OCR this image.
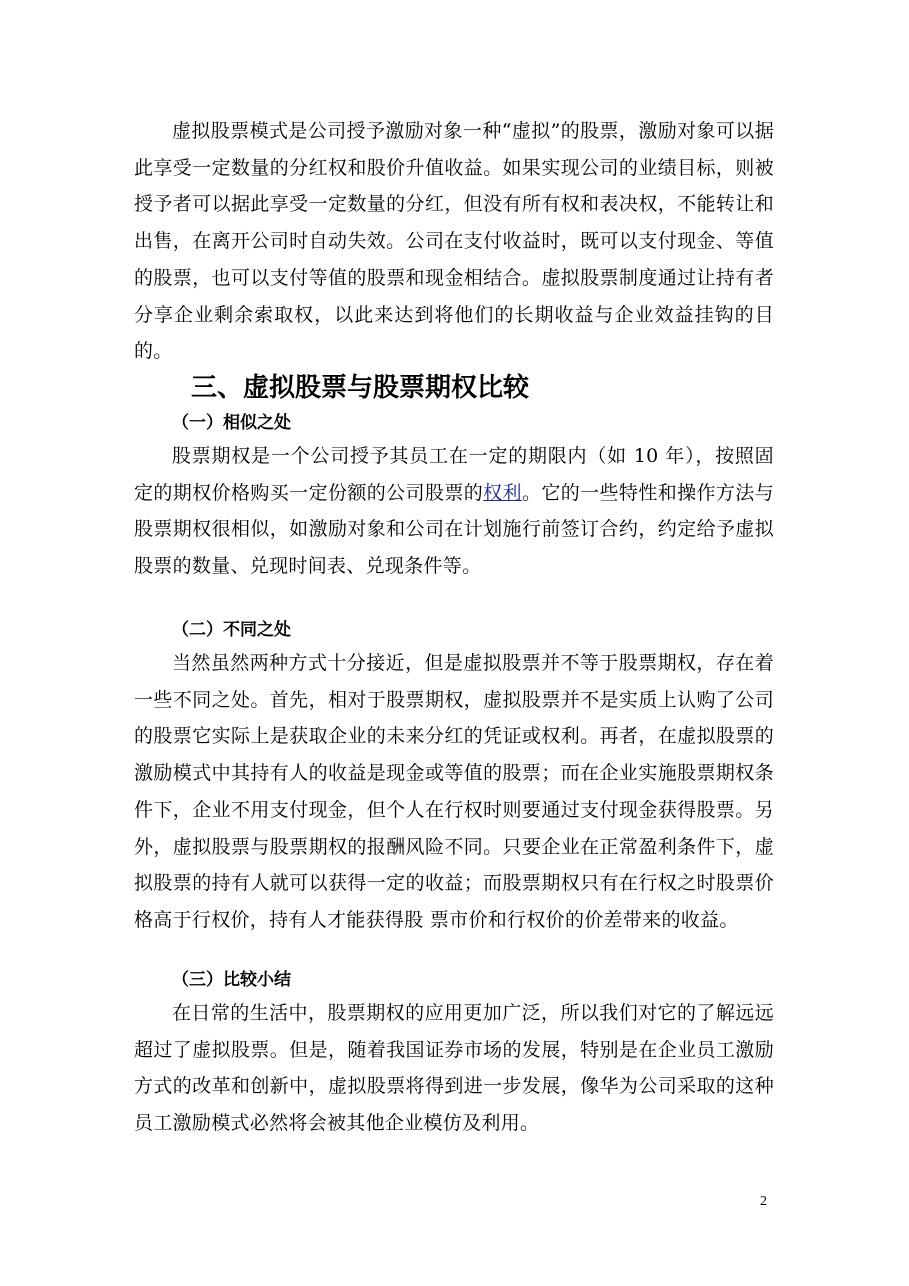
虚拟股票模式是公司授予激励对象一种“虚拟”的股票，激励对象可以据此享受一定数量的分红权和股价升值收益。如果实现公司的业绩目标，则被授予者可以据此享受一定数量的分红，但没有所有权和表决权，不能转让和出售，在离开公司时自动失效。公司在支付收益时，既可以支付现金、等值的股票，也可以支付等值的股票和现金相结合。虚拟股票制度通过让持有者分享企业剩余索取权，以此来达到将他们的长期收益与企业效益挂钩的目的。

三、虚拟股票与股票期权比较
（一）相似之处

股票期权是一个公司授予其员工在一定的期限内（如 10 年），按照固定的期权价格购买一定份额的公司股票的权利。它的一些特性和操作方法与股票期权很相似，如激励对象和公司在计划施行前签订合约，约定给予虚拟股票的数量、兑现时间表、兑现条件等。

（二）不同之处

当然虽然两种方式十分接近，但是虚拟股票并不等于股票期权，存在着一些不同之处。首先，相对于股票期权，虚拟股票并不是实质上认购了公司的股票它实际上是获取企业的未来分红的凭证或权利。再者，在虚拟股票的激励模式中其持有人的收益是现金或等值的股票；而在企业实施股票期权条件下，企业不用支付现金，但个人在行权时则要通过支付现金获得股票。另外，虚拟股票与股票期权的报酬风险不同。只要企业在正常盈利条件下，虚拟股票的持有人就可以获得一定的收益；而股票期权只有在行权之时股票价格高于行权价，持有人才能获得股 票市价和行权价的价差带来的收益。

（三）比较小结

在日常的生活中，股票期权的应用更加广泛，所以我们对它的了解远远超过了虚拟股票。但是，随着我国证券市场的发展，特别是在企业员工激励方式的改革和创新中，虚拟股票将得到进一步发展，像华为公司采取的这种员工激励模式必然将会被其他企业模仿及利用。

2
